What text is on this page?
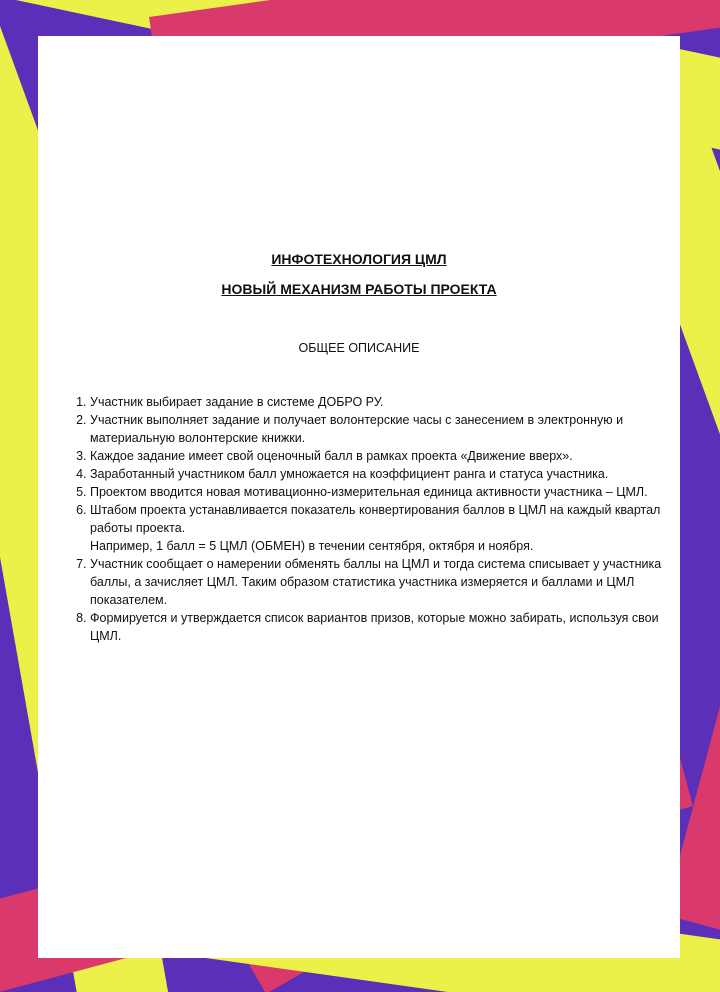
ИНФОТЕХНОЛОГИЯ ЦМЛ
НОВЫЙ МЕХАНИЗМ РАБОТЫ ПРОЕКТА
ОБЩЕЕ ОПИСАНИЕ
1. Участник выбирает задание в системе ДОБРО РУ.
2. Участник выполняет задание и получает волонтерские часы с занесением в электронную и материальную волонтерские книжки.
3. Каждое задание имеет свой оценочный балл в рамках проекта «Движение вверх».
4. Заработанный участником балл умножается на коэффициент ранга и статуса участника.
5. Проектом вводится новая мотивационно-измерительная единица активности участника – ЦМЛ.
6. Штабом проекта устанавливается показатель конвертирования баллов в ЦМЛ на каждый квартал работы проекта.
Например, 1 балл = 5 ЦМЛ (ОБМЕН) в течении сентября, октября и ноября.
7. Участник сообщает о намерении обменять баллы на ЦМЛ и тогда система списывает у участника баллы, а зачисляет ЦМЛ. Таким образом статистика участника измеряется и баллами и ЦМЛ показателем.
8. Формируется и утверждается список вариантов призов, которые можно забирать, используя свои ЦМЛ.
